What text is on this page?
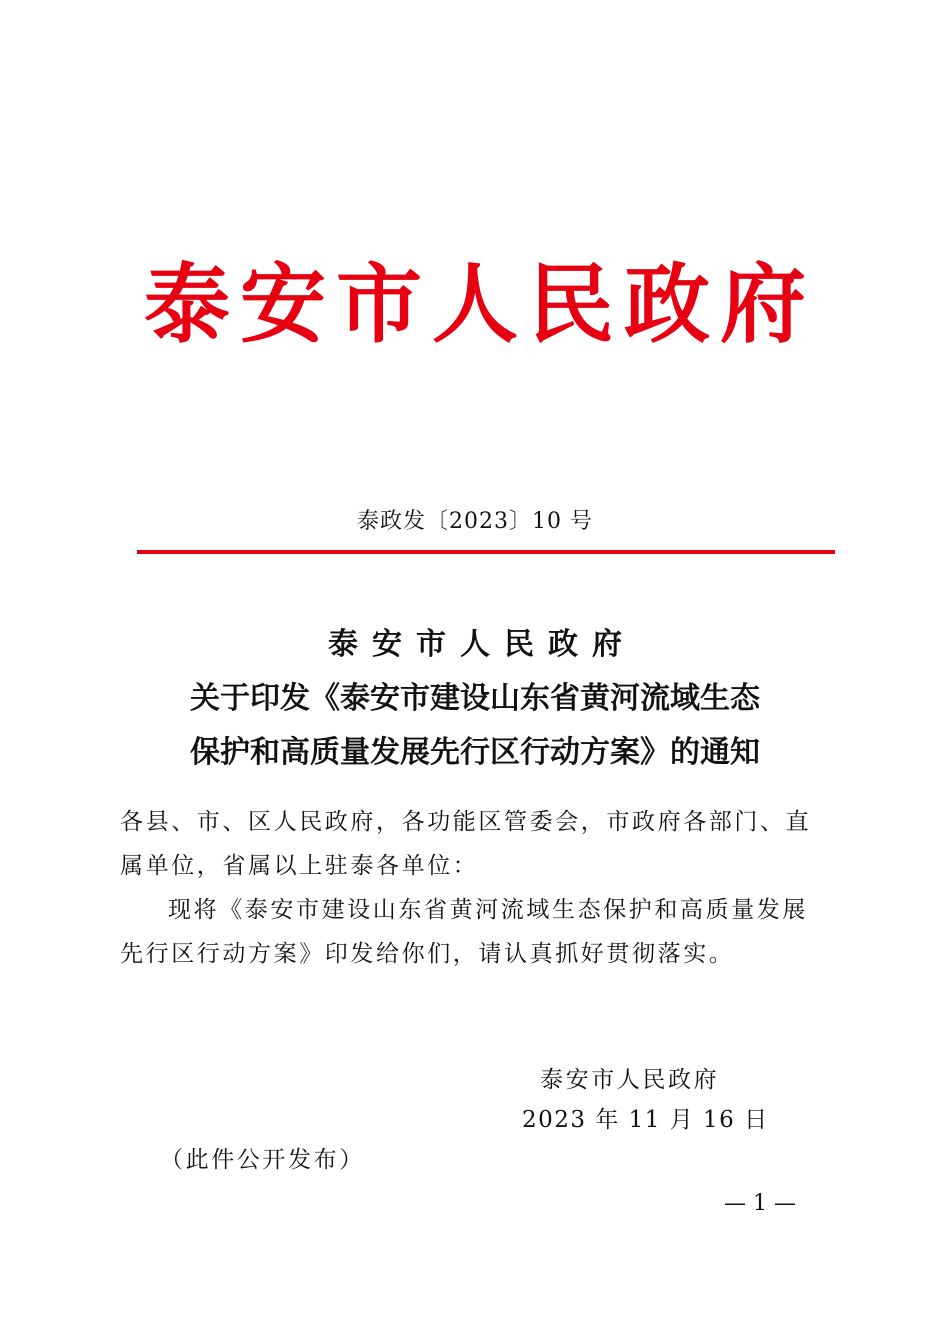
泰安市人民政府
泰政发〔2023〕10 号
泰安市人民政府
关于印发《泰安市建设山东省黄河流域生态
保护和高质量发展先行区行动方案》的通知
各县、市、区人民政府，各功能区管委会，市政府各部门、直属单位，省属以上驻泰各单位：
现将《泰安市建设山东省黄河流域生态保护和高质量发展先行区行动方案》印发给你们，请认真抓好贯彻落实。
泰安市人民政府
2023 年 11 月 16 日
（此件公开发布）
— 1 —
